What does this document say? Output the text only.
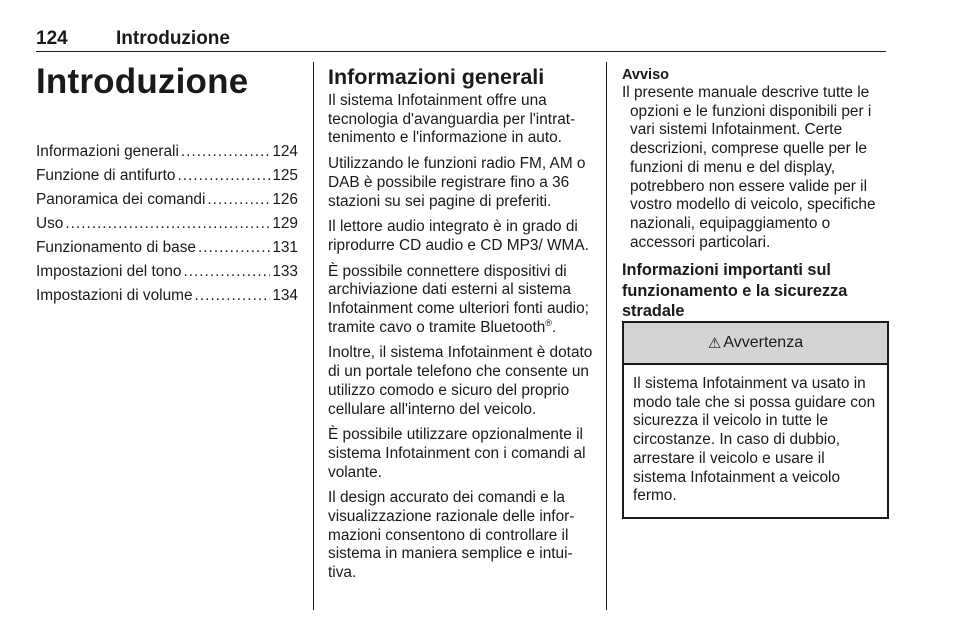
124	Introduzione
Introduzione
Informazioni generali .....	124
Funzione di antifurto .....	125
Panoramica dei comandi .....	126
Uso .....	129
Funzionamento di base .....	131
Impostazioni del tono .....	133
Impostazioni di volume .....	134
Informazioni generali

Il sistema Infotainment offre una tecnologia d'avanguardia per l'intrat-tenimento e l'informazione in auto.

Utilizzando le funzioni radio FM, AM o DAB è possibile registrare fino a 36 stazioni su sei pagine di preferiti.

Il lettore audio integrato è in grado di riprodurre CD audio e CD MP3/ WMA.

È possibile connettere dispositivi di archiviazione dati esterni al sistema Infotainment come ulteriori fonti audio; tramite cavo o tramite Bluetooth®.

Inoltre, il sistema Infotainment è dotato di un portale telefono che consente un utilizzo comodo e sicuro del proprio cellulare all'interno del veicolo.

È possibile utilizzare opzionalmente il sistema Infotainment con i comandi al volante.

Il design accurato dei comandi e la visualizzazione razionale delle infor-mazioni consentono di controllare il sistema in maniera semplice e intui-tiva.

Avviso
Il presente manuale descrive tutte le
opzioni e le funzioni disponibili per i vari sistemi Infotainment. Certe descrizioni, comprese quelle per le funzioni di menu e del display, potrebbero non essere valide per il vostro modello di veicolo, specifiche nazionali, equipaggiamento o accessori particolari.
Informazioni importanti sul funzionamento e la sicurezza stradale
⚠ Avvertenza
Il sistema Infotainment va usato in modo tale che si possa guidare con sicurezza il veicolo in tutte le circostanze. In caso di dubbio, arrestare il veicolo e usare il sistema Infotainment a veicolo fermo.
